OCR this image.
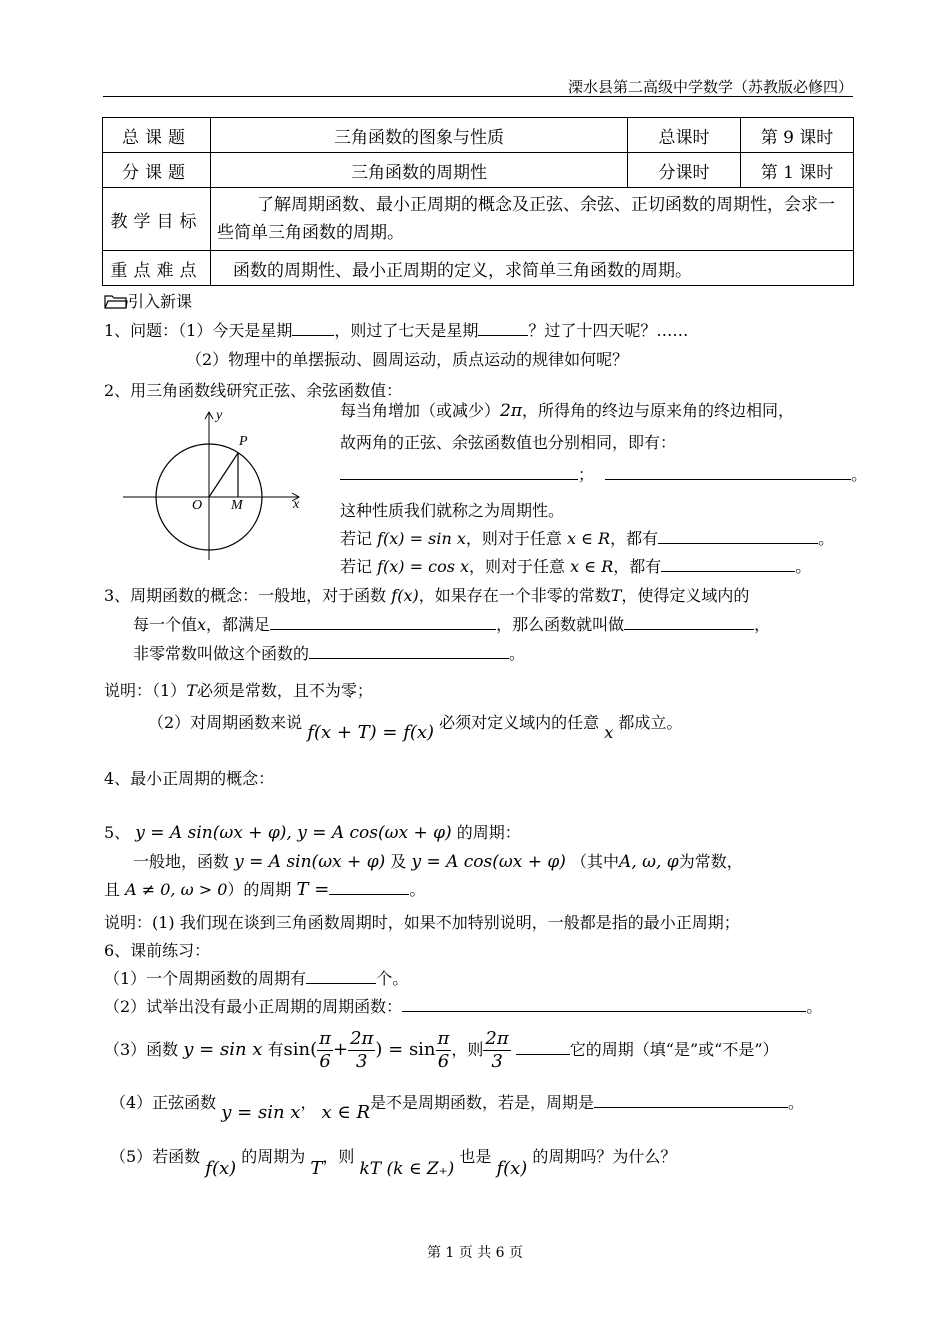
溧水县第二高级中学数学（苏教版必修四）
总课题	三角函数的图象与性质	总课时	第 9 课时
分课题	三角函数的周期性	分课时	第 1 课时
教学目标	了解周期函数、最小正周期的概念及正弦、余弦、正切函数的周期性，会求一些简单三角函数的周期。		
重点难点	函数的周期性、最小正周期的定义，求简单三角函数的周期。		
引入新课
1、问题：（1）今天是星期	，则过了七天是星期	？过了十四天呢？……
（2）物理中的单摆振动、圆周运动，质点运动的规律如何呢？
2、用三角函数线研究正弦、余弦函数值：
y
x
P
O M
每当角增加（或减少）2π，所得角的终边与原来角的终边相同，
故两角的正弦、余弦函数值也分别相同，即有：
；	。
这种性质我们就称之为周期性。
若记 f(x) = sin x，则对于任意 x ∈ R，都有	。
若记 f(x) = cos x，则对于任意 x ∈ R，都有	。
3、周期函数的概念：一般地，对于函数 f(x)，如果存在一个非零的常数T，使得定义域内的
每一个值x，都满足	，那么函数就叫做	，
非零常数叫做这个函数的	。
说明：（1）T必须是常数，且不为零；
（2）对周期函数来说 f(x + T) = f(x) 必须对定义域内的任意 x 都成立。
4、最小正周期的概念：
5、 y = A sin(ωx + φ), y = A cos(ωx + φ) 的周期：
一般地，函数 y = A sin(ωx + φ) 及 y = A cos(ωx + φ) （其中A, ω, φ为常数，
且 A ≠ 0, ω > 0）的周期 T =	。
说明：(1) 我们现在谈到三角函数周期时，如果不加特别说明，一般都是指的最小正周期；
6、课前练习：
（1）一个周期函数的周期有	个。
（2）试举出没有最小正周期的周期函数：	。
（3）函数 y = sin x 有$\sin( \frac{\pi}{6} + \frac{2\pi}{3}$ ) = $\sin \frac{\pi}{6}$ ，则 $\frac{2\pi}{3}$	它的周期（填“是”或“不是”）
（4）正弦函数 y = sin x， x ∈ R是不是周期函数，若是，周期是	。
（5）若函数 f(x) 的周期为 T，则 kT (k ∈ Z₊) 也是 f(x) 的周期吗？为什么？
第 1 页 共 6 页
